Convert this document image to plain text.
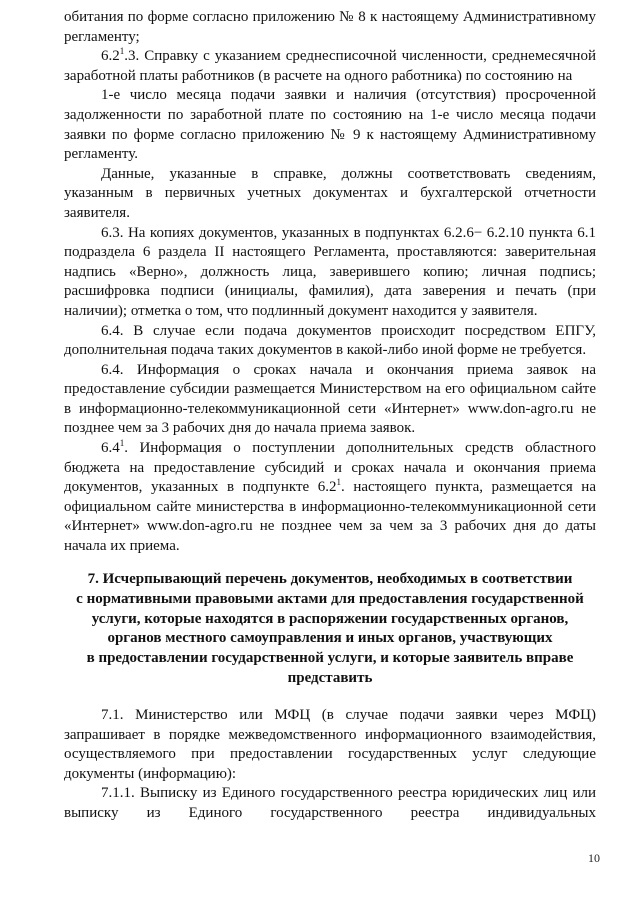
обитания по форме согласно приложению № 8 к настоящему Административному регламенту;

$6.2^1.3$. Справку с указанием среднесписочной численности, среднемесячной заработной платы работников (в расчете на одного работника) по состоянию на

1-е число месяца подачи заявки и наличия (отсутствия) просроченной задолженности по заработной плате по состоянию на 1-е число месяца подачи заявки по форме согласно приложению № 9 к настоящему Административному регламенту.

Данные, указанные в справке, должны соответствовать сведениям, указанным в первичных учетных документах и бухгалтерской отчетности заявителя.

6.3. На копиях документов, указанных в подпунктах 6.2.6− 6.2.10 пункта 6.1 подраздела 6 раздела II настоящего Регламента, проставляются: заверительная надпись «Верно», должность лица, заверившего копию; личная подпись; расшифровка подписи (инициалы, фамилия), дата заверения и печать (при наличии); отметка о том, что подлинный документ находится у заявителя.

6.4. В случае если подача документов происходит посредством ЕПГУ, дополнительная подача таких документов в какой-либо иной форме не требуется.

6.4. Информация о сроках начала и окончания приема заявок на предоставление субсидии размещается Министерством на его официальном сайте в информационно-телекоммуникационной сети «Интернет» www.don-agro.ru не позднее чем за 3 рабочих дня до начала приема заявок.

$6.4^1$. Информация о поступлении дополнительных средств областного бюджета на предоставление субсидий и сроках начала и окончания приема документов, указанных в подпункте $6.2^1$. настоящего пункта, размещается на официальном сайте министерства в информационно-телекоммуникационной сети «Интернет» www.don-agro.ru не позднее чем за чем за 3 рабочих дня до даты начала их приема.

7. Исчерпывающий перечень документов, необходимых в соответствии

с нормативными правовыми актами для предоставления государственной

услуги, которые находятся в распоряжении государственных органов,

органов местного самоуправления и иных органов, участвующих

в предоставлении государственной услуги, и которые заявитель вправе

представить

7.1. Министерство или МФЦ (в случае подачи заявки через МФЦ) запрашивает в порядке межведомственного информационного взаимодействия, осуществляемого при предоставлении государственных услуг следующие документы (информацию):

7.1.1. Выписку из Единого государственного реестра юридических лиц или выписку из Единого государственного реестра индивидуальных

10
